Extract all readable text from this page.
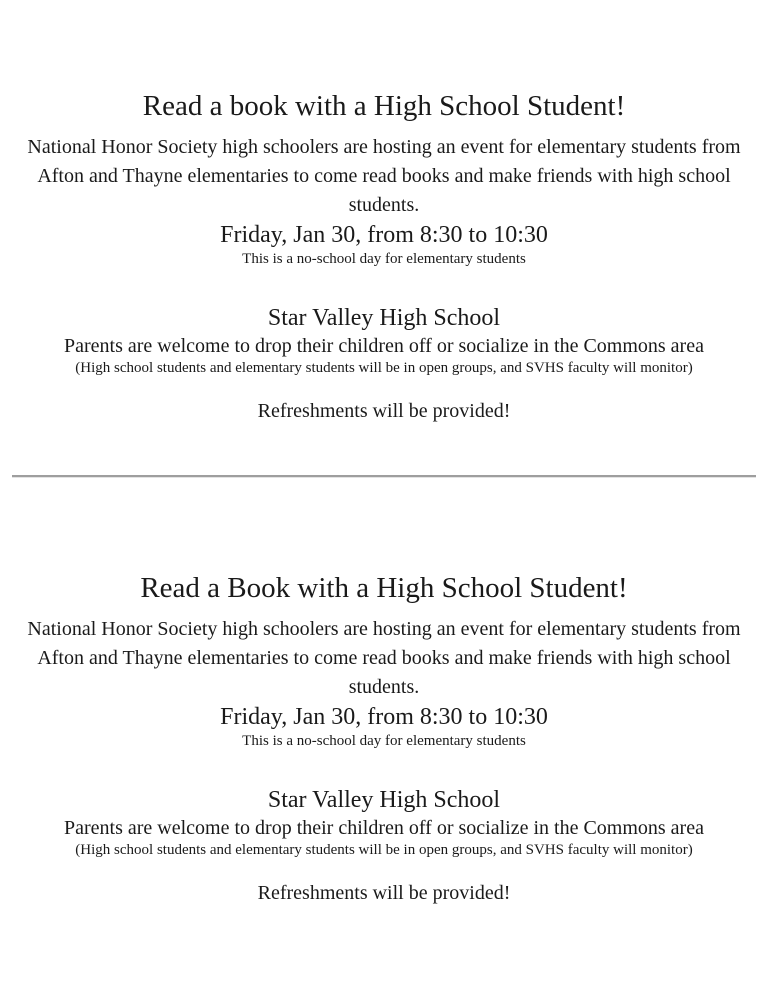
Read a book with a High School Student!
National Honor Society high schoolers are hosting an event for elementary students from
Afton and Thayne elementaries to come read books and make friends with high school
students.

Friday, Jan 30, from 8:30 to 10:30

This is a no-school day for elementary students

Star Valley High School

Parents are welcome to drop their children off or socialize in the Commons area

(High school students and elementary students will be in open groups, and SVHS faculty will monitor)

Refreshments will be provided!

Read a Book with a High School Student!
National Honor Society high schoolers are hosting an event for elementary students from
Afton and Thayne elementaries to come read books and make friends with high school
students.

Friday, Jan 30, from 8:30 to 10:30

This is a no-school day for elementary students

Star Valley High School

Parents are welcome to drop their children off or socialize in the Commons area

(High school students and elementary students will be in open groups, and SVHS faculty will monitor)

Refreshments will be provided!
